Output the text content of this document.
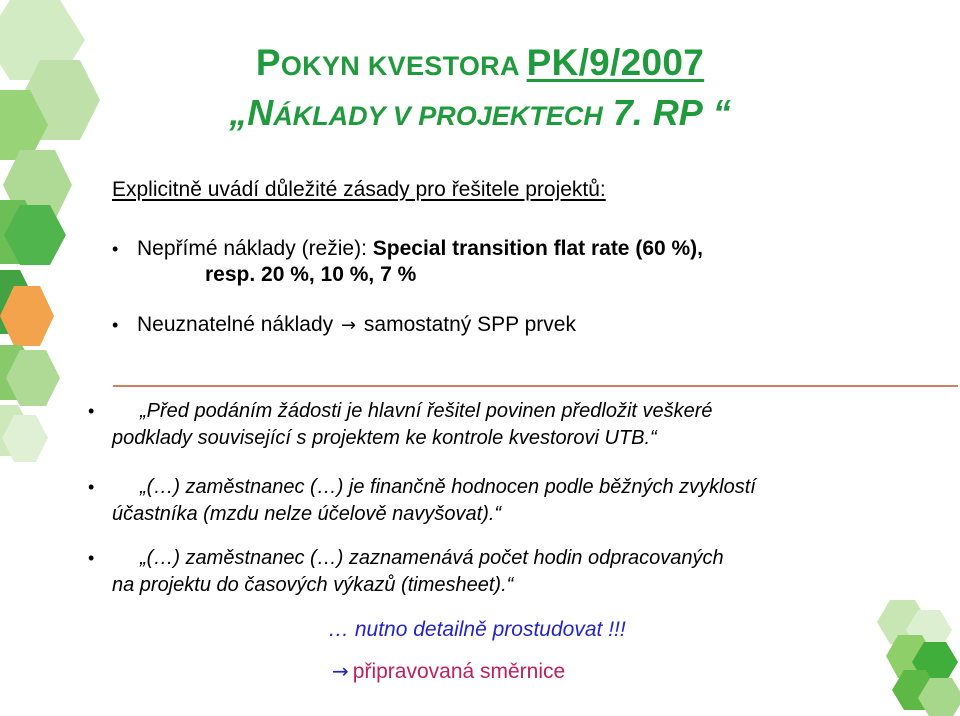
POKYN KVESTORA PK/9/2007
„NÁKLADY V PROJEKTECH 7. RP “
Explicitně uvádí důležité zásady pro řešitele projektů:
• Nepřímé náklady (režie): Special transition flat rate (60 %),
resp. 20 %, 10 %, 7 %
• Neuznatelné náklady → samostatný SPP prvek
•	„Před podáním žádosti je hlavní řešitel povinen předložit veškeré
podklady související s projektem ke kontrole kvestorovi UTB.“
•	„(…) zaměstnanec (…) je finančně hodnocen podle běžných zvyklostí
účastníka (mzdu nelze účelově navyšovat).“
•	„(…) zaměstnanec (…) zaznamenává počet hodin odpracovaných
na projektu do časových výkazů (timesheet).“
… nutno detailně prostudovat !!!
→ připravovaná směrnice
